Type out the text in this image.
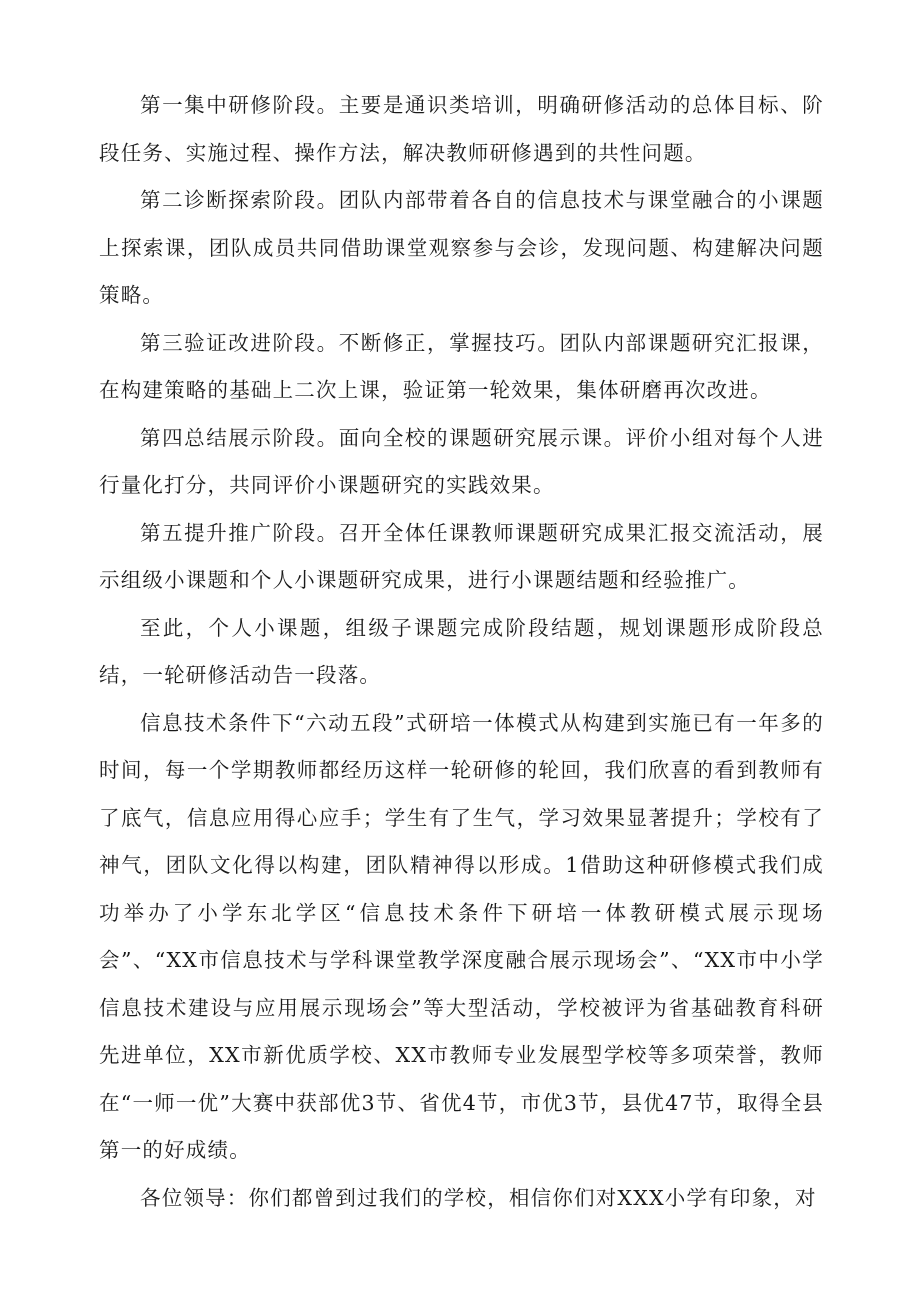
第一集中研修阶段。主要是通识类培训，明确研修活动的总体目标、阶段任务、实施过程、操作方法，解决教师研修遇到的共性问题。

第二诊断探索阶段。团队内部带着各自的信息技术与课堂融合的小课题上探索课，团队成员共同借助课堂观察参与会诊，发现问题、构建解决问题策略。

第三验证改进阶段。不断修正，掌握技巧。团队内部课题研究汇报课，在构建策略的基础上二次上课，验证第一轮效果，集体研磨再次改进。

第四总结展示阶段。面向全校的课题研究展示课。评价小组对每个人进行量化打分，共同评价小课题研究的实践效果。

第五提升推广阶段。召开全体任课教师课题研究成果汇报交流活动，展示组级小课题和个人小课题研究成果，进行小课题结题和经验推广。

至此，个人小课题，组级子课题完成阶段结题，规划课题形成阶段总结，一轮研修活动告一段落。

信息技术条件下“六动五段”式研培一体模式从构建到实施已有一年多的时间，每一个学期教师都经历这样一轮研修的轮回，我们欣喜的看到教师有了底气，信息应用得心应手；学生有了生气，学习效果显著提升；学校有了神气，团队文化得以构建，团队精神得以形成。1借助这种研修模式我们成功举办了小学东北学区“信息技术条件下研培一体教研模式展示现场会”、“XX市信息技术与学科课堂教学深度融合展示现场会”、“XX市中小学信息技术建设与应用展示现场会”等大型活动，学校被评为省基础教育科研先进单位，XX市新优质学校、XX市教师专业发展型学校等多项荣誉，教师在“一师一优”大赛中获部优3节、省优4节，市优3节，县优47节，取得全县第一的好成绩。

各位领导：你们都曾到过我们的学校，相信你们对XXX小学有印象，对
